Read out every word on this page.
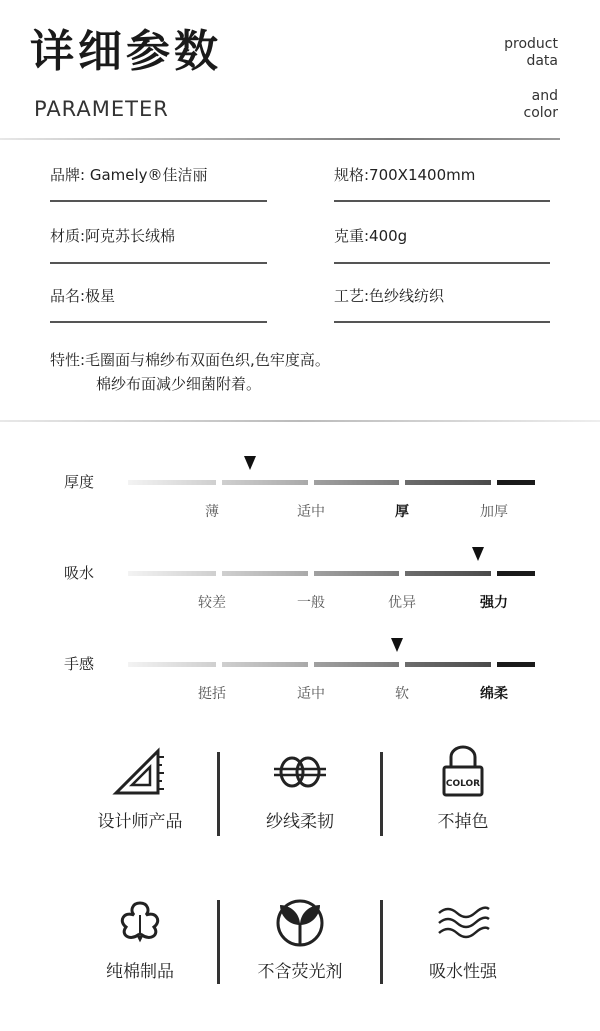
详细参数
PARAMETER
product
data
and
color
品牌: Gamely®佳洁丽	规格:700X1400mm
材质:阿克苏长绒棉	克重:400g
品名:极星	工艺:色纱线纺织
特性:毛圈面与棉纱布双面色织,色牢度高。
棉纱布面减少细菌附着。
厚度
薄	适中	厚	加厚
吸水
较差	一般	优异	强力
手感
挺括	适中	软	绵柔
设计师产品	纱线柔韧
COLOR
不掉色
纯棉制品	不含荧光剂	吸水性强
